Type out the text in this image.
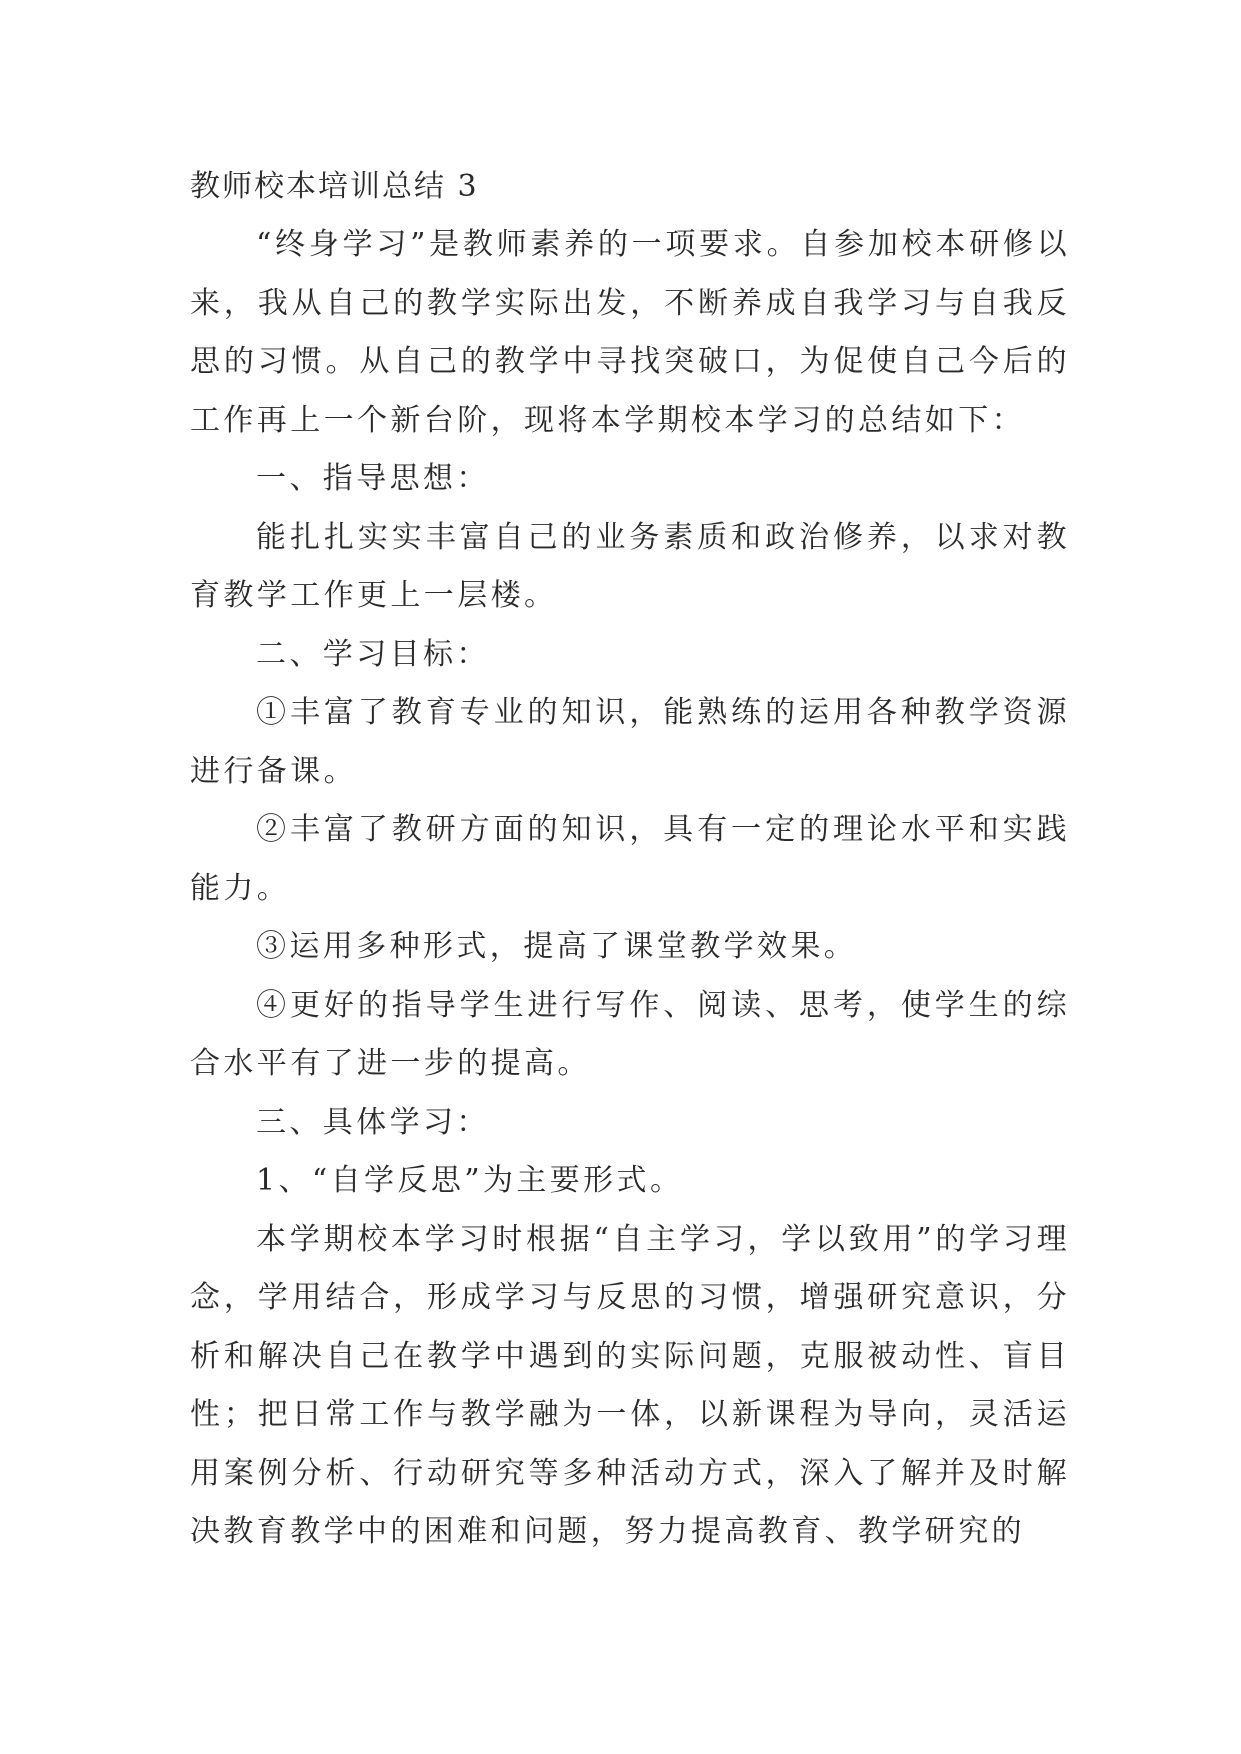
教师校本培训总结 3

“终身学习”是教师素养的一项要求。自参加校本研修以来，我从自己的教学实际出发，不断养成自我学习与自我反思的习惯。从自己的教学中寻找突破口，为促使自己今后的工作再上一个新台阶，现将本学期校本学习的总结如下：

一、指导思想：

能扎扎实实丰富自己的业务素质和政治修养，以求对教育教学工作更上一层楼。

二、学习目标：

①丰富了教育专业的知识，能熟练的运用各种教学资源进行备课。

②丰富了教研方面的知识，具有一定的理论水平和实践能力。

③运用多种形式，提高了课堂教学效果。

④更好的指导学生进行写作、阅读、思考，使学生的综合水平有了进一步的提高。

三、具体学习：

1、“自学反思”为主要形式。

本学期校本学习时根据“自主学习，学以致用”的学习理念，学用结合，形成学习与反思的习惯，增强研究意识，分析和解决自己在教学中遇到的实际问题，克服被动性、盲目性；把日常工作与教学融为一体，以新课程为导向，灵活运用案例分析、行动研究等多种活动方式，深入了解并及时解决教育教学中的困难和问题，努力提高教育、教学研究的
